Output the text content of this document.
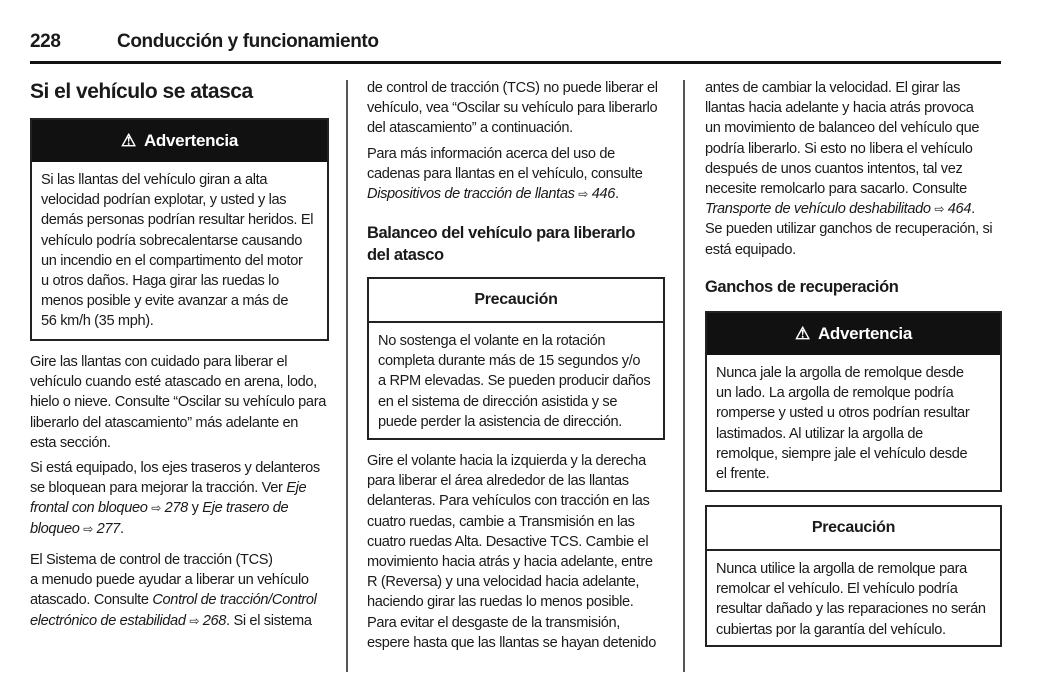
228	Conducción y funcionamiento
Si el vehículo se atasca
⚠ Advertencia
Si las llantas del vehículo giran a alta
velocidad podrían explotar, y usted y las
demás personas podrían resultar heridos. El
vehículo podría sobrecalentarse causando
un incendio en el compartimento del motor
u otros daños. Haga girar las ruedas lo
menos posible y evite avanzar a más de
56 km/h (35 mph).
Gire las llantas con cuidado para liberar el
vehículo cuando esté atascado en arena, lodo,
hielo o nieve. Consulte “Oscilar su vehículo para
liberarlo del atascamiento” más adelante en
esta sección.
Si está equipado, los ejes traseros y delanteros
se bloquean para mejorar la tracción. Ver Eje
frontal con bloqueo ⇨ 278 y Eje trasero de
bloqueo ⇨ 277.
El Sistema de control de tracción (TCS)
a menudo puede ayudar a liberar un vehículo
atascado. Consulte Control de tracción/Control
electrónico de estabilidad ⇨ 268. Si el sistema
de control de tracción (TCS) no puede liberar el
vehículo, vea “Oscilar su vehículo para liberarlo
del atascamiento” a continuación.
Para más información acerca del uso de
cadenas para llantas en el vehículo, consulte
Dispositivos de tracción de llantas ⇨ 446.
Balanceo del vehículo para liberarlo
del atasco
Precaución
No sostenga el volante en la rotación
completa durante más de 15 segundos y/o
a RPM elevadas. Se pueden producir daños
en el sistema de dirección asistida y se
puede perder la asistencia de dirección.
Gire el volante hacia la izquierda y la derecha
para liberar el área alrededor de las llantas
delanteras. Para vehículos con tracción en las
cuatro ruedas, cambie a Transmisión en las
cuatro ruedas Alta. Desactive TCS. Cambie el
movimiento hacia atrás y hacia adelante, entre
R (Reversa) y una velocidad hacia adelante,
haciendo girar las ruedas lo menos posible.
Para evitar el desgaste de la transmisión,
espere hasta que las llantas se hayan detenido
antes de cambiar la velocidad. El girar las
llantas hacia adelante y hacia atrás provoca
un movimiento de balanceo del vehículo que
podría liberarlo. Si esto no libera el vehículo
después de unos cuantos intentos, tal vez
necesite remolcarlo para sacarlo. Consulte
Transporte de vehículo deshabilitado ⇨ 464.
Se pueden utilizar ganchos de recuperación, si
está equipado.
Ganchos de recuperación
⚠ Advertencia
Nunca jale la argolla de remolque desde
un lado. La argolla de remolque podría
romperse y usted u otros podrían resultar
lastimados. Al utilizar la argolla de
remolque, siempre jale el vehículo desde
el frente.
Precaución
Nunca utilice la argolla de remolque para
remolcar el vehículo. El vehículo podría
resultar dañado y las reparaciones no serán
cubiertas por la garantía del vehículo.
